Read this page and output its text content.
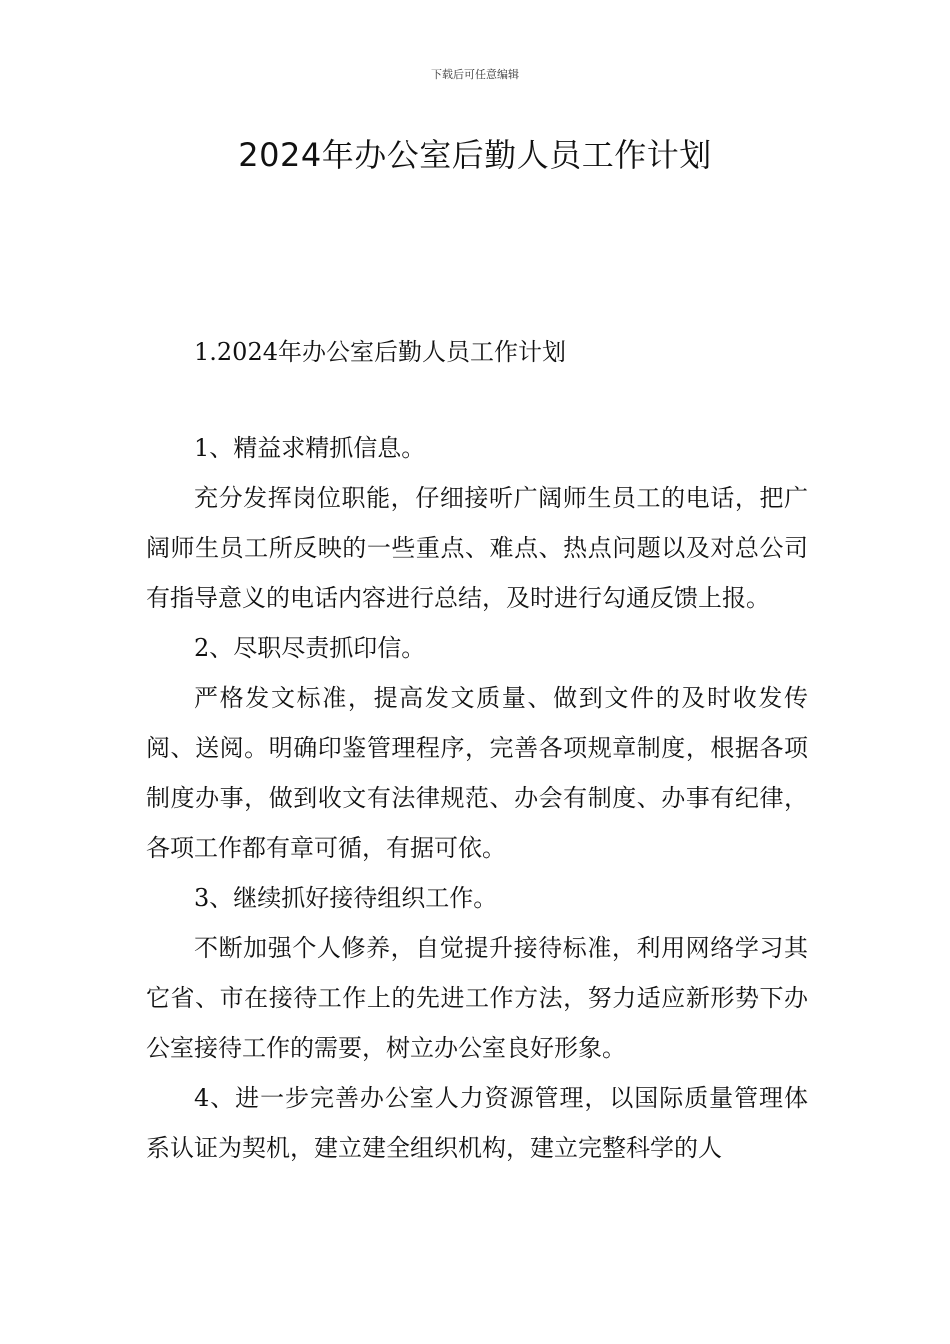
下载后可任意编辑
2024年办公室后勤人员工作计划
1.2024年办公室后勤人员工作计划

1、精益求精抓信息。

充分发挥岗位职能，仔细接听广阔师生员工的电话，把广阔师生员工所反映的一些重点、难点、热点问题以及对总公司有指导意义的电话内容进行总结，及时进行勾通反馈上报。

2、尽职尽责抓印信。

严格发文标准，提高发文质量、做到文件的及时收发传阅、送阅。明确印鉴管理程序，完善各项规章制度，根据各项制度办事，做到收文有法律规范、办会有制度、办事有纪律，各项工作都有章可循，有据可依。

3、继续抓好接待组织工作。

不断加强个人修养，自觉提升接待标准，利用网络学习其它省、市在接待工作上的先进工作方法，努力适应新形势下办公室接待工作的需要，树立办公室良好形象。

4、进一步完善办公室人力资源管理，以国际质量管理体系认证为契机，建立建全组织机构，建立完整科学的人
